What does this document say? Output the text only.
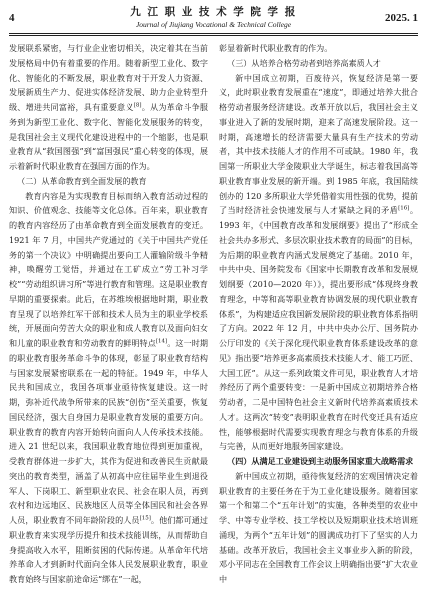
4	九 江 职 业 技 术 学 院 学 报
Journal of Jiujiang Vocational & Technical College
2025. 1

发展联系紧密，与行业企业密切相关，决定着其在当前发展格局中仍有着重要的作用。随着新型工业化、数字化、智能化的不断发展，职业教育对于开发人力资源、发展新质生产力、促进实体经济发展、助力企业转型升级、增进共同富裕，具有重要意义[8]。从为革命斗争服务到为新型工业化、数字化、智能化发展服务的转变，是我国社会主义现代化建设进程中的一个缩影，也是职业教育从“救国图强”到“富国强民”重心转变的体现，展示着新时代职业教育在强国方面的作为。

（二）从革命教育到全面发展的教育

教育内容是为实现教育目标而纳入教育活动过程的知识、价值观念、技能等文化总体。百年来，职业教育的教育内容经历了由革命教育到全面发展教育的变迁。1921 年 7 月，中国共产党通过的《关于中国共产党任务的第一个决议》中明确提出要向工人灌输阶级斗争精神，唤醒劳工觉悟，并通过在工矿成立“劳工补习学校”“劳动组织讲习所”等进行教育和管理。这是职业教育早期的重要探索。此后，在苏维埃根据地时期，职业教育呈现了以培养红军干部和技术人员为主的职业学校系统，开展面向劳苦大众的职业和成人教育以及面向妇女和儿童的职业教育和劳动教育的鲜明特点[14]。这一时期的职业教育服务革命斗争的体现，彰显了职业教育结构与国家发展紧密联系在一起的特征。1949 年，中华人民共和国成立，我国各项事业亟待恢复建设。这一时期，弥补近代战争所带来的民族“创伤”至关重要，恢复国民经济，强大自身国力是职业教育发展的重要方向。职业教育的教育内容开始转向面向人人传承技术技能。进入 21 世纪以来，我国职业教育地位得到更加重视，受教育群体进一步扩大，其作为促进和改善民生贡献最突出的教育类型，涵盖了从初高中应往届毕业生到退役军人、下岗职工、新型职业农民、社会在职人员，再到农村和边远地区、民族地区人员等全体国民和社会各界人员，职业教育不同年龄阶段的人员[15]。他们都可通过职业教育来实现学历提升和技术技能训练，从而帮助自身提高收入水平，阻断贫困的代际传递。从革命年代培养革命人才到新时代面向全体人民发展职业教育，职业教育始终与国家前途命运“绑在”一起，

彰显着新时代职业教育的作为。

（三）从培养合格劳动者到培养高素质人才

新中国成立初期，百废待兴，恢复经济是第一要义，此时职业教育发展重在“速度”，即通过培养大批合格劳动者服务经济建设。改革开放以后，我国社会主义事业进入了新的发展时期，迎来了高速发展阶段。这一时期，高速增长的经济需要大量具有生产技术的劳动者，其中技术技能人才的作用不可或缺。1980 年，我国第一所职业大学金陵职业大学诞生，标志着我国高等职业教育事业发展的新开端。到 1985 年底，我国陆续创办的 120 多所职业大学凭借着实用性强的优势，提前了当时经济社会快速发展与人才紧缺之间的矛盾[16]。1993 年，《中国教育改革和发展纲要》提出了“形成全社会共办多形式、多层次职业技术教育的局面”的目标，为后期的职业教育内涵式发展奠定了基础。2010 年，中共中央、国务院发布《国家中长期教育改革和发展规划纲要（2010—2020 年）》，提出要形成“体现终身教育理念，中等和高等职业教育协调发展的现代职业教育体系”，为构建适应我国新发展阶段的职业教育体系指明了方向。2022 年 12 月，中共中央办公厅、国务院办公厅印发的《关于深化现代职业教育体系建设改革的意见》指出要“培养更多高素质技术技能人才、能工巧匠、大国工匠”。从这一系列政策文件可见，职业教育人才培养经历了两个重要转变：一是新中国成立初期培养合格劳动者，二是中国特色社会主义新时代培养高素质技术人才。这两次“转变”表明职业教育在时代变迁具有适应性，能够根据时代需要实现教育理念与教育体系的升级与完善，从而更好地服务国家建设。

（四）从满足工业建设到主动服务国家重大战略需求

新中国成立初期，亟待恢复经济的宏观国情决定着职业教育的主要任务在于为工业化建设服务。随着国家第一个和第二个“五年计划”的实施，各种类型的农业中学、中等专业学校、技工学校以及短期职业技术培训班涌现，为两个“五年计划”的圆满成功打下了坚实的人力基础。改革开放后，我国社会主义事业步入新的阶段，邓小平同志在全国教育工作会议上明确指出要“扩大农业中
